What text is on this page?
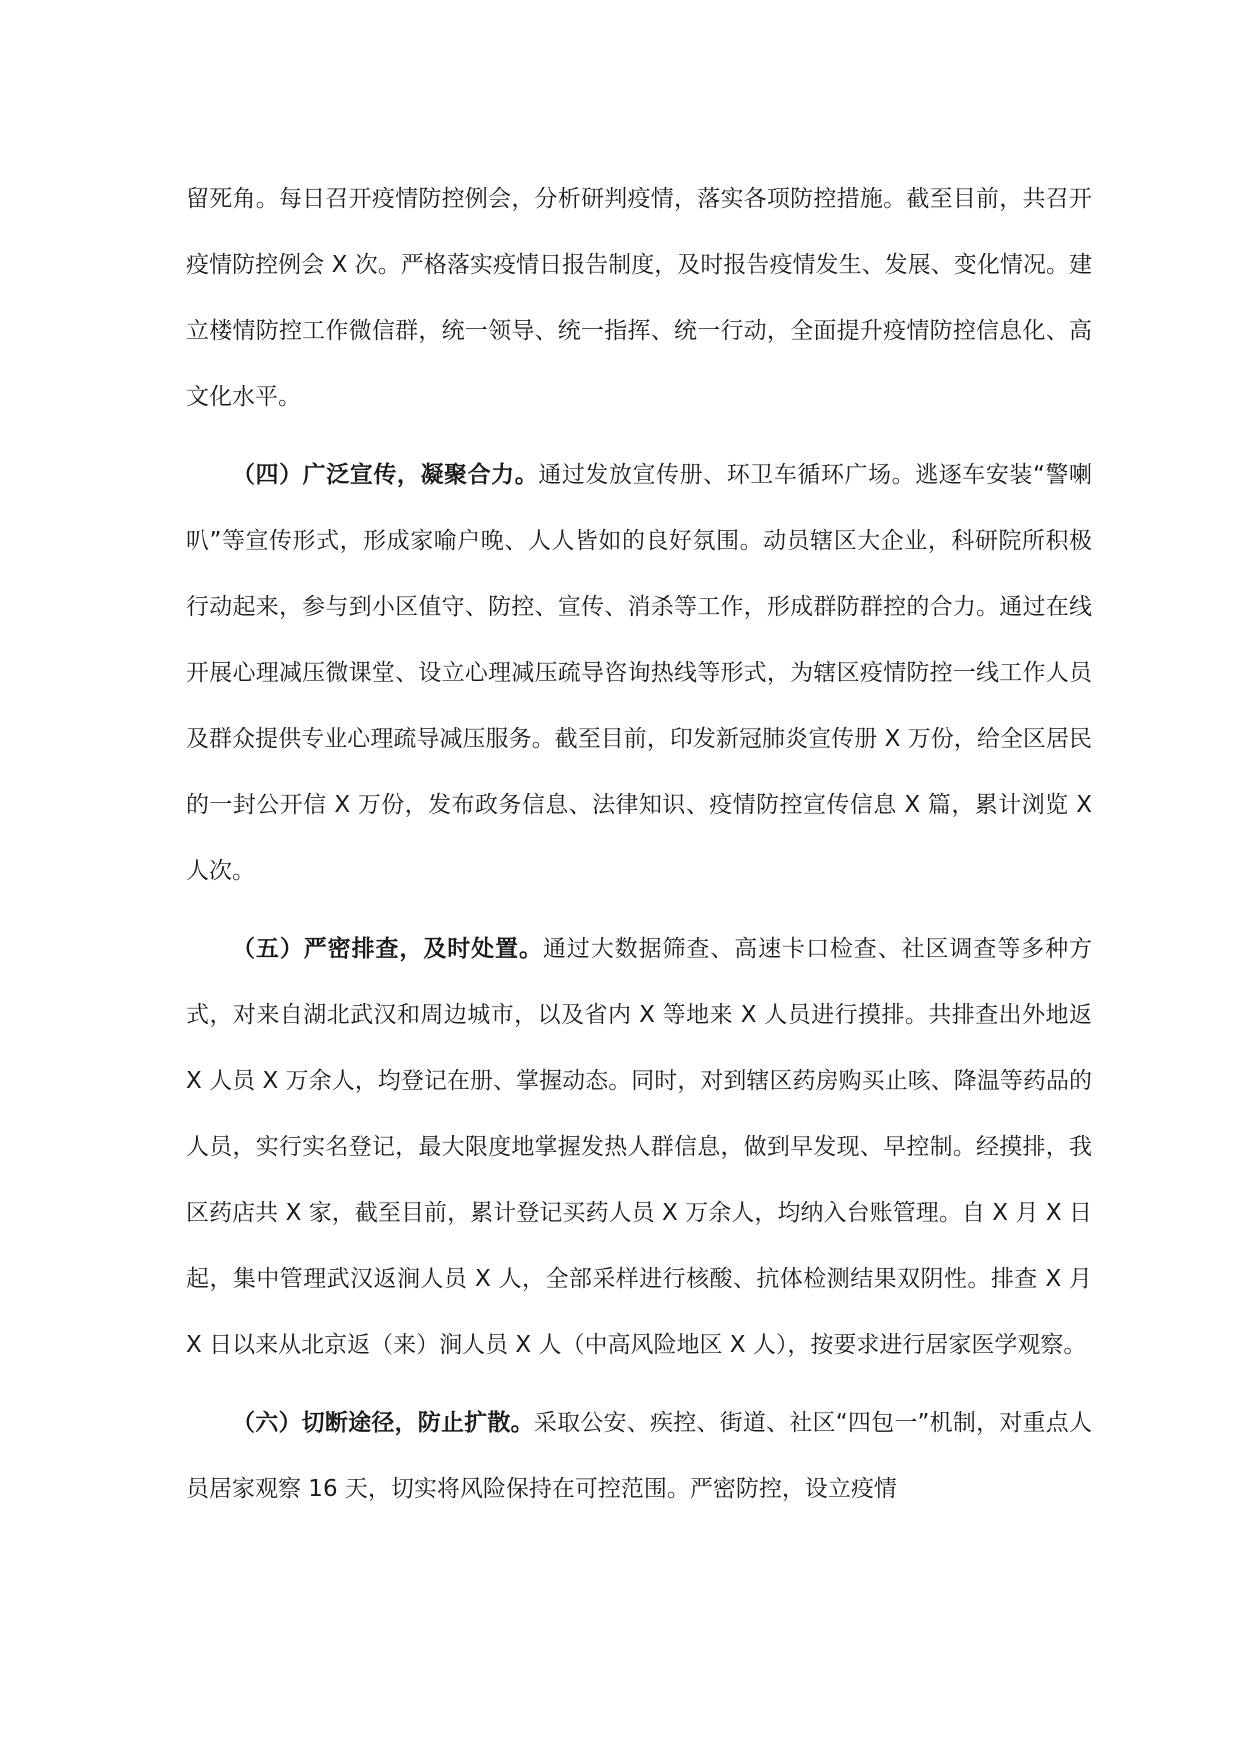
留死角。每日召开疫情防控例会，分析研判疫情，落实各项防控措施。截至目前，共召开疫情防控例会 X 次。严格落实疫情日报告制度，及时报告疫情发生、发展、变化情况。建立楼情防控工作微信群，统一领导、统一指挥、统一行动，全面提升疫情防控信息化、高文化水平。

（四）广泛宣传，凝聚合力。通过发放宣传册、环卫车循环广场。逃逐车安装“警喇叭”等宣传形式，形成家喻户晚、人人皆如的良好氛围。动员辖区大企业，科研院所积极行动起来，参与到小区值守、防控、宣传、消杀等工作，形成群防群控的合力。通过在线开展心理减压微课堂、设立心理减压疏导咨询热线等形式，为辖区疫情防控一线工作人员及群众提供专业心理疏导减压服务。截至目前，印发新冠肺炎宣传册 X 万份，给全区居民的一封公开信 X 万份，发布政务信息、法律知识、疫情防控宣传信息 X 篇，累计浏览 X 人次。

（五）严密排查，及时处置。通过大数据筛查、高速卡口检查、社区调查等多种方式，对来自湖北武汉和周边城市，以及省内 X 等地来 X 人员进行摸排。共排查出外地返 X 人员 X 万余人，均登记在册、掌握动态。同时，对到辖区药房购买止咳、降温等药品的人员，实行实名登记，最大限度地掌握发热人群信息，做到早发现、早控制。经摸排，我区药店共 X 家，截至目前，累计登记买药人员 X 万余人，均纳入台账管理。自 X 月 X 日起，集中管理武汉返涧人员 X 人，全部采样进行核酸、抗体检测结果双阴性。排查 X 月 X 日以来从北京返（来）涧人员 X 人（中高风险地区 X 人），按要求进行居家医学观察。

（六）切断途径，防止扩散。采取公安、疾控、街道、社区“四包一”机制，对重点人员居家观察 16 天，切实将风险保持在可控范围。严密防控，设立疫情
